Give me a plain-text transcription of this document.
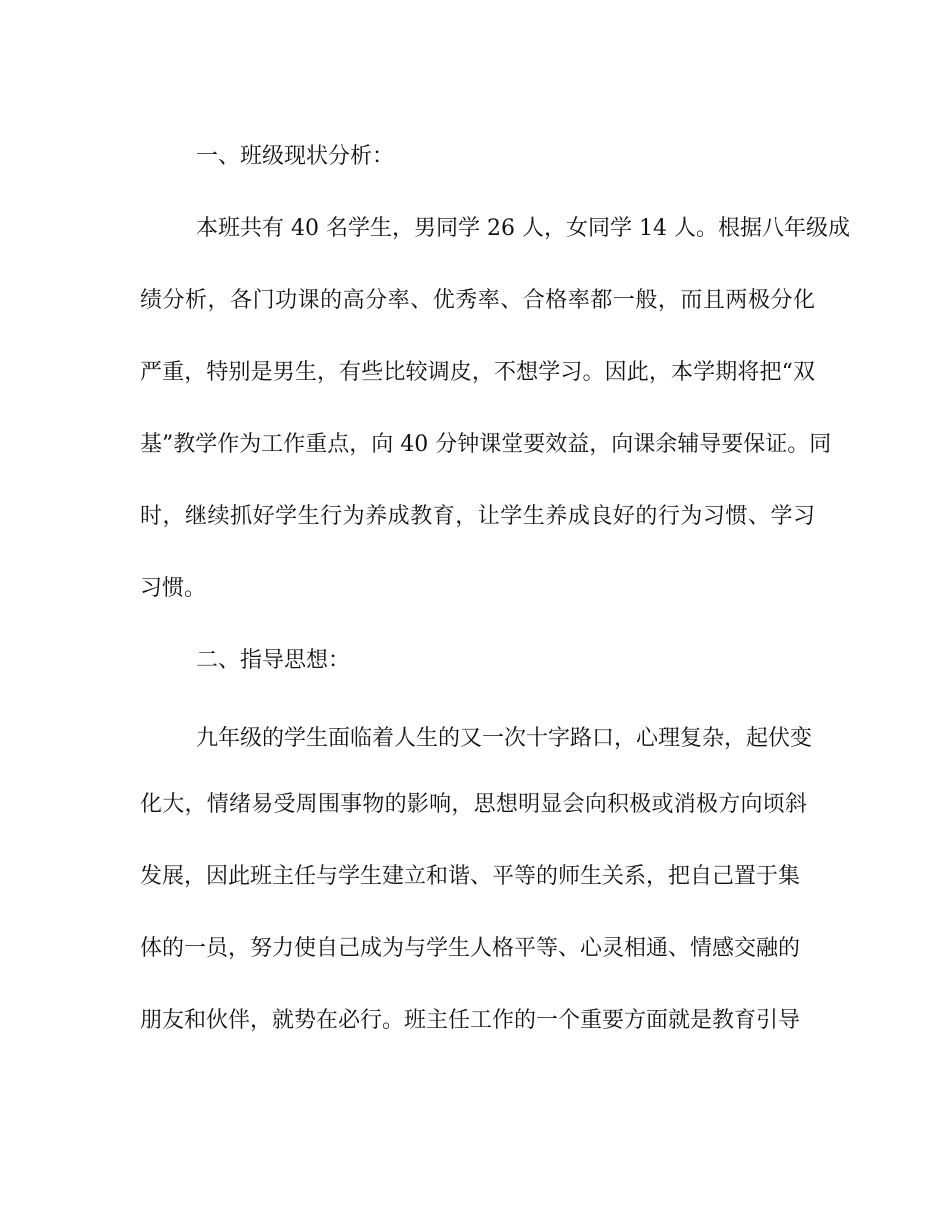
一、班级现状分析：
本班共有 40 名学生，男同学 26 人，女同学 14 人。根据八年级成
绩分析，各门功课的高分率、优秀率、合格率都一般，而且两极分化
严重，特别是男生，有些比较调皮，不想学习。因此，本学期将把“双
基”教学作为工作重点，向 40 分钟课堂要效益，向课余辅导要保证。同
时，继续抓好学生行为养成教育，让学生养成良好的行为习惯、学习
习惯。
二、指导思想：
九年级的学生面临着人生的又一次十字路口，心理复杂，起伏变
化大，情绪易受周围事物的影响，思想明显会向积极或消极方向顷斜
发展，因此班主任与学生建立和谐、平等的师生关系，把自己置于集
体的一员，努力使自己成为与学生人格平等、心灵相通、情感交融的
朋友和伙伴，就势在必行。班主任工作的一个重要方面就是教育引导
